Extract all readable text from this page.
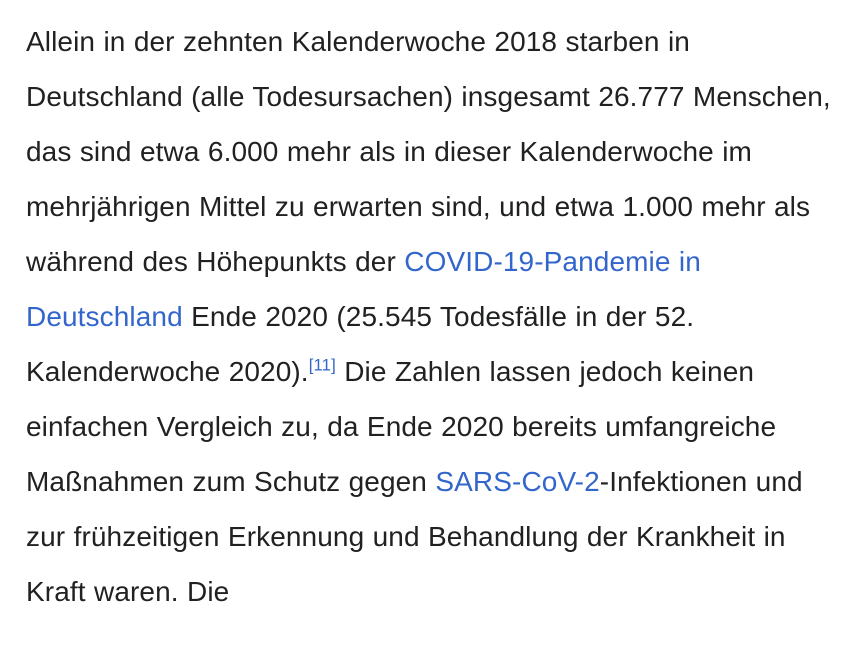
Allein in der zehnten Kalenderwoche 2018 starben in Deutschland (alle Todesursachen) insgesamt 26.777 Menschen, das sind etwa 6.000 mehr als in dieser Kalenderwoche im mehrjährigen Mittel zu erwarten sind, und etwa 1.000 mehr als während des Höhepunkts der COVID-19-Pandemie in Deutschland Ende 2020 (25.545 Todesfälle in der 52. Kalenderwoche 2020).[11] Die Zahlen lassen jedoch keinen einfachen Vergleich zu, da Ende 2020 bereits umfangreiche Maßnahmen zum Schutz gegen SARS-CoV-2-Infektionen und zur frühzeitigen Erkennung und Behandlung der Krankheit in Kraft waren. Die
